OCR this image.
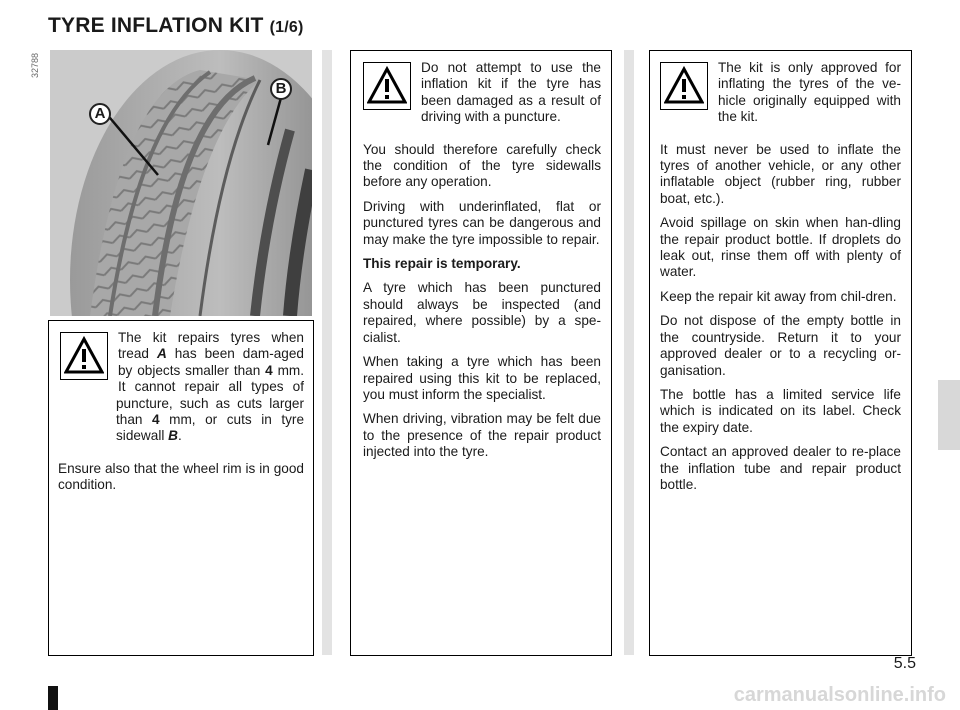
TYRE INFLATION KIT (1/6)
32788
A
B

The kit repairs tyres when tread A has been dam-aged by objects smaller than 4 mm. It cannot repair all types of puncture, such as cuts larger than 4 mm, or cuts in tyre sidewall B.

Ensure also that the wheel rim is in good condition.

Do not attempt to use the inflation kit if the tyre has been damaged as a result of driving with a puncture.

You should therefore carefully check the condition of the tyre sidewalls before any operation.

Driving with underinflated, flat or punctured tyres can be dangerous and may make the tyre impossible to repair.

This repair is temporary.

A tyre which has been punctured should always be inspected (and repaired, where possible) by a spe-cialist.

When taking a tyre which has been repaired using this kit to be replaced, you must inform the specialist.

When driving, vibration may be felt due to the presence of the repair product injected into the tyre.

The kit is only approved for inflating the tyres of the ve-hicle originally equipped with the kit.

It must never be used to inflate the tyres of another vehicle, or any other inflatable object (rubber ring, rubber boat, etc.).

Avoid spillage on skin when han-dling the repair product bottle. If droplets do leak out, rinse them off with plenty of water.

Keep the repair kit away from chil-dren.

Do not dispose of the empty bottle in the countryside. Return it to your approved dealer or to a recycling or-ganisation.

The bottle has a limited service life which is indicated on its label. Check the expiry date.

Contact an approved dealer to re-place the inflation tube and repair product bottle.

5.5
carmanualsonline.info
